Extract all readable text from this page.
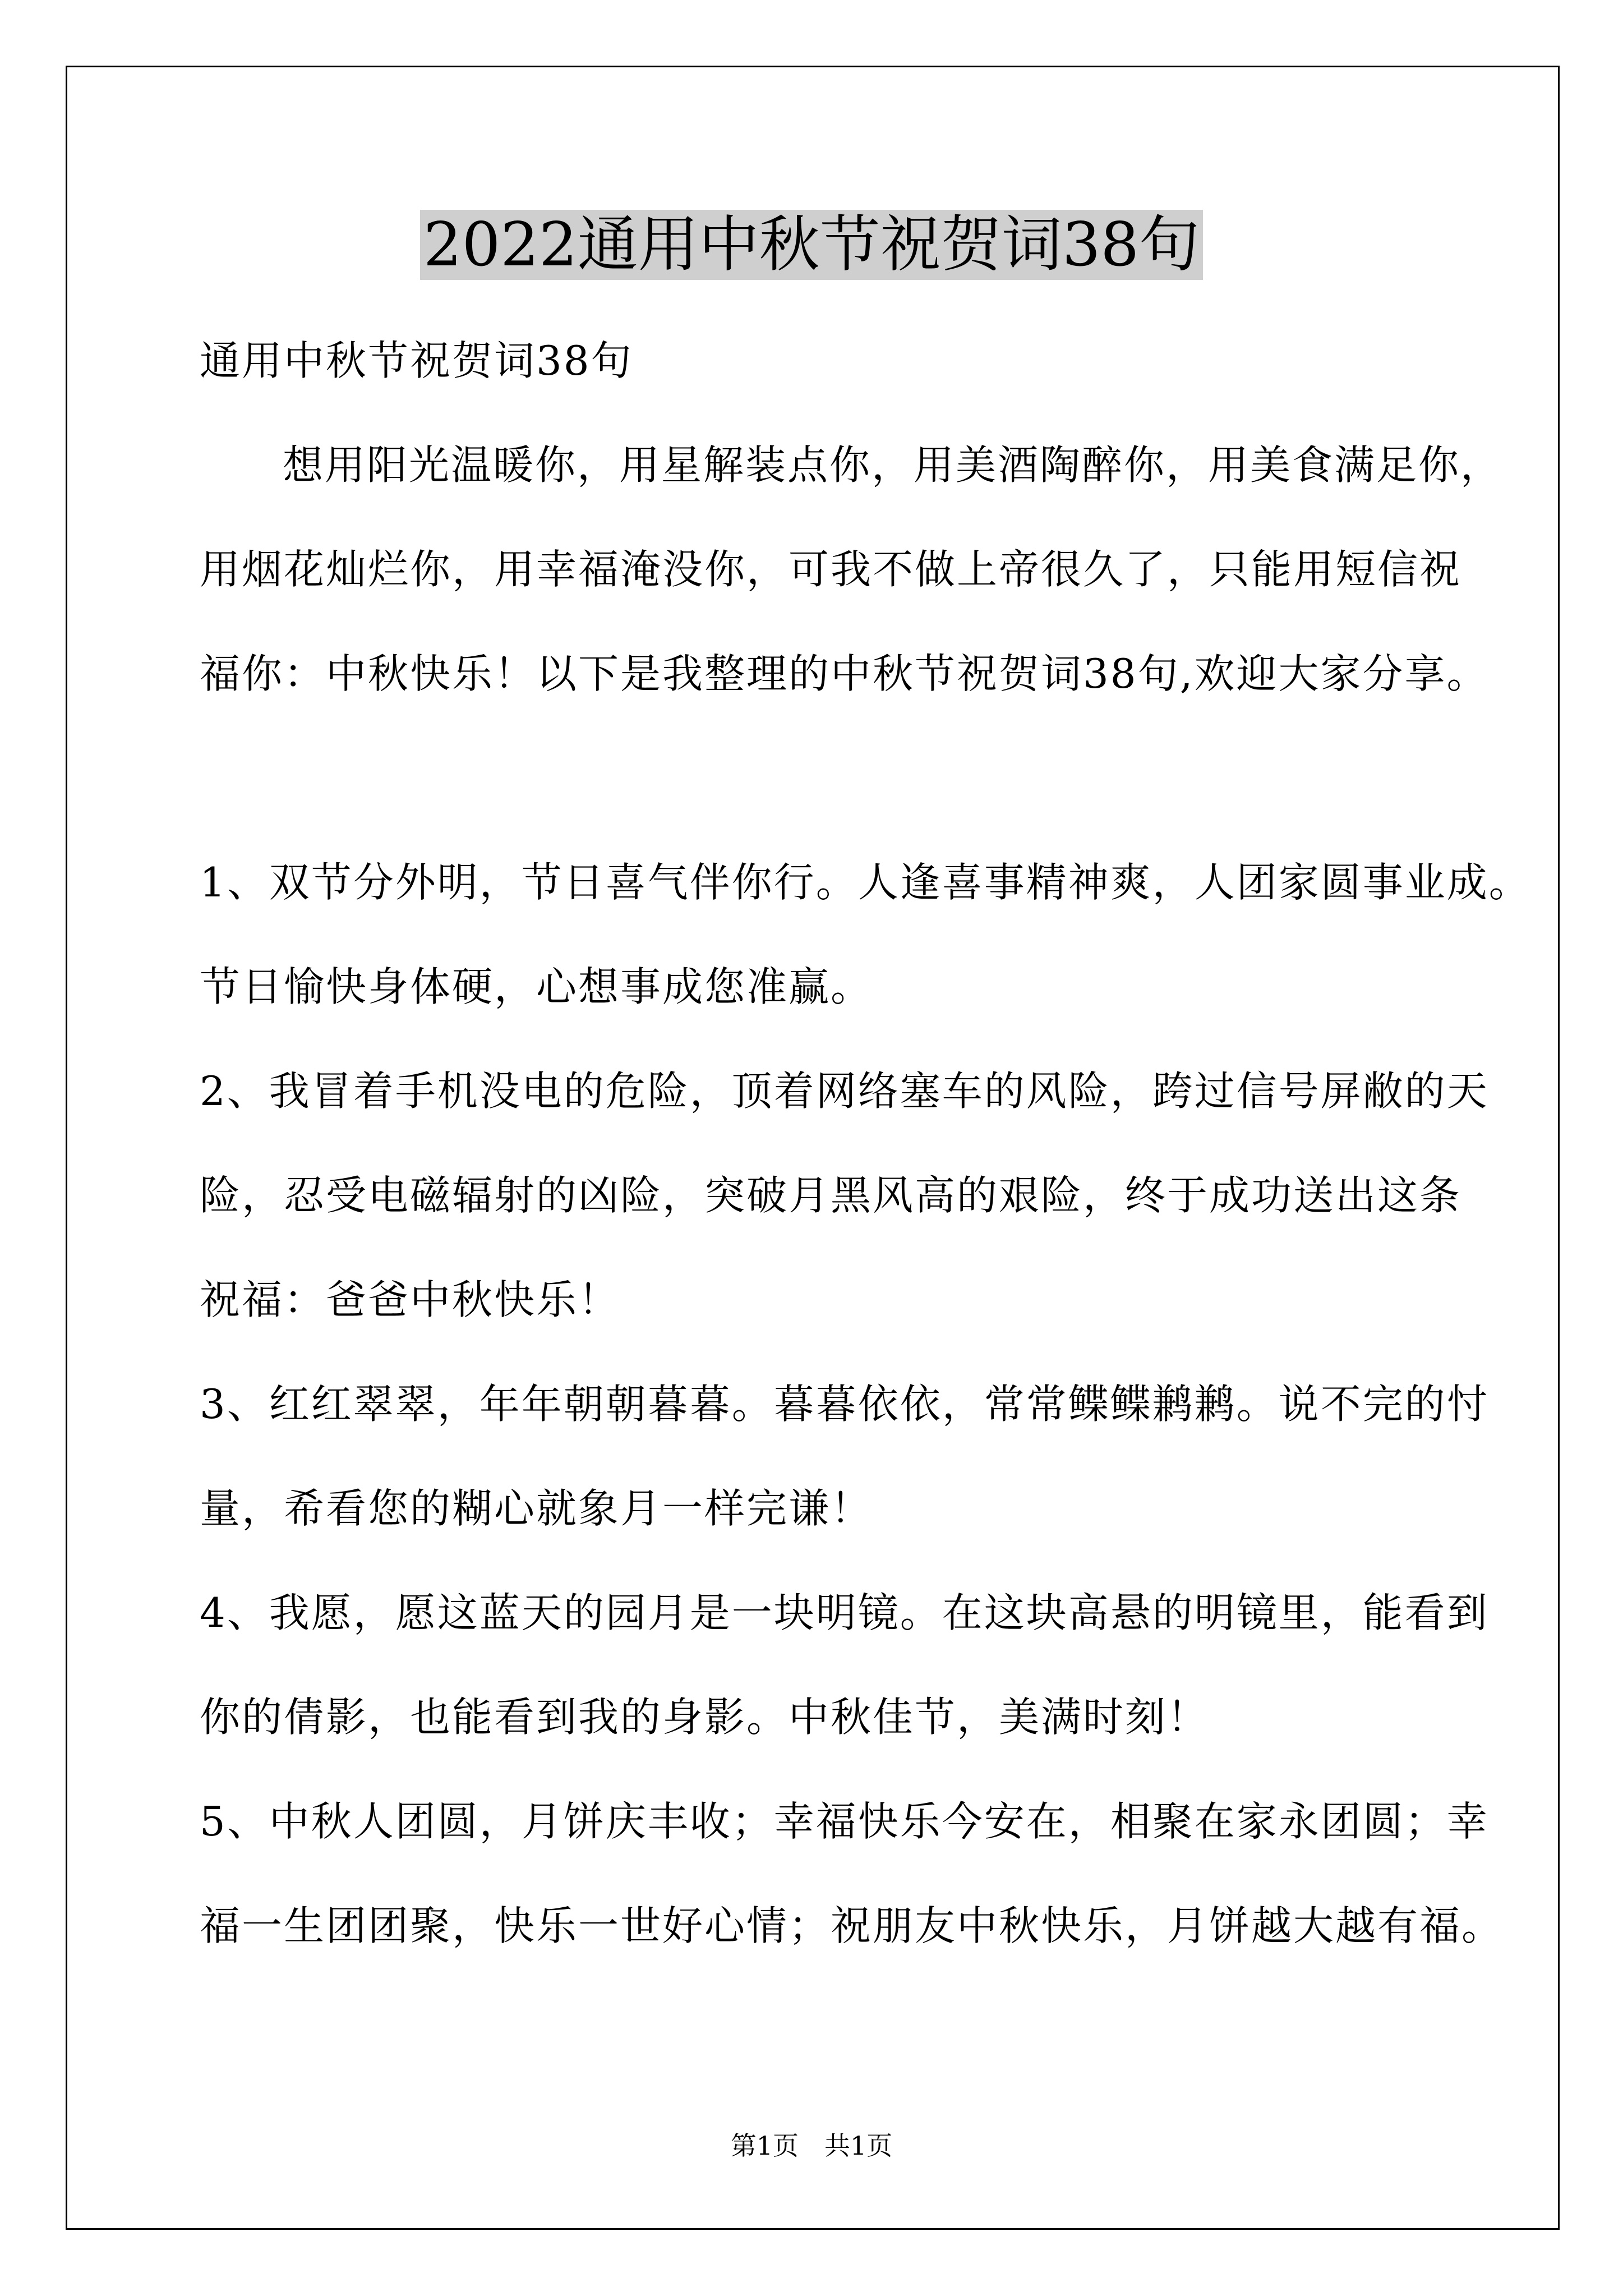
2022通用中秋节祝贺词38句
通用中秋节祝贺词38句
想用阳光温暖你，用星解装点你，用美酒陶醉你，用美食满足你，
用烟花灿烂你，用幸福淹没你，可我不做上帝很久了，只能用短信祝
福你：中秋快乐！以下是我整理的中秋节祝贺词38句,欢迎大家分享。
1、双节分外明，节日喜气伴你行。人逢喜事精神爽，人团家圆事业成。
节日愉快身体硬，心想事成您准赢。
2、我冒着手机没电的危险，顶着网络塞车的风险，跨过信号屏敝的天
险，忍受电磁辐射的凶险，突破月黑风高的艰险，终于成功送出这条
祝福：爸爸中秋快乐！
3、红红翠翠，年年朝朝暮暮。暮暮依依，常常鲽鲽鹣鹣。说不完的忖
量，希看您的糊心就象月一样完谦！
4、我愿，愿这蓝天的园月是一块明镜。在这块高悬的明镜里，能看到
你的倩影，也能看到我的身影。中秋佳节，美满时刻！
5、中秋人团圆，月饼庆丰收；幸福快乐今安在，相聚在家永团圆；幸
福一生团团聚，快乐一世好心情；祝朋友中秋快乐，月饼越大越有福。
第1页　共1页
